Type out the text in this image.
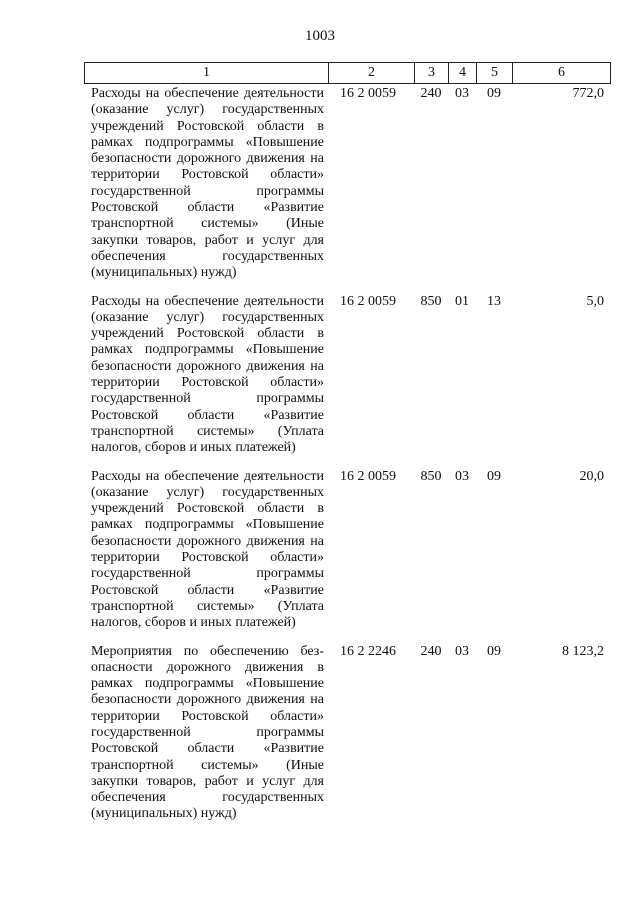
1003
1	2	3	4	5	6
Расходы на обеспечение деятельности (оказание услуг) государственных учреждений Ростовской области в рамках подпрограммы «Повышение безопасности дорожного движения на территории Ростовской области» государственной программы Ростовской области «Развитие транспортной системы» (Иные закупки товаров, работ и услуг для обеспечения государственных (муниципальных) нужд)	16 2 0059	240	03	09	772,0
Расходы на обеспечение деятельности (оказание услуг) государственных учреждений Ростовской области в рамках подпрограммы «Повышение безопасности дорожного движения на территории Ростовской области» государственной программы Ростовской области «Развитие транспортной системы» (Уплата налогов, сборов и иных платежей)	16 2 0059	850	01	13	5,0
Расходы на обеспечение деятельности (оказание услуг) государственных учреждений Ростовской области в рамках подпрограммы «Повышение безопасности дорожного движения на территории Ростовской области» государственной программы Ростовской области «Развитие транспортной системы» (Уплата налогов, сборов и иных платежей)	16 2 0059	850	03	09	20,0
Мероприятия по обеспечению безопасности дорожного движения в рамках подпрограммы «Повышение безопасности дорожного движения на территории Ростовской области» государственной программы Ростовской области «Развитие транспортной системы» (Иные закупки товаров, работ и услуг для обеспечения государственных (муниципальных) нужд)	16 2 2246	240	03	09	8 123,2
